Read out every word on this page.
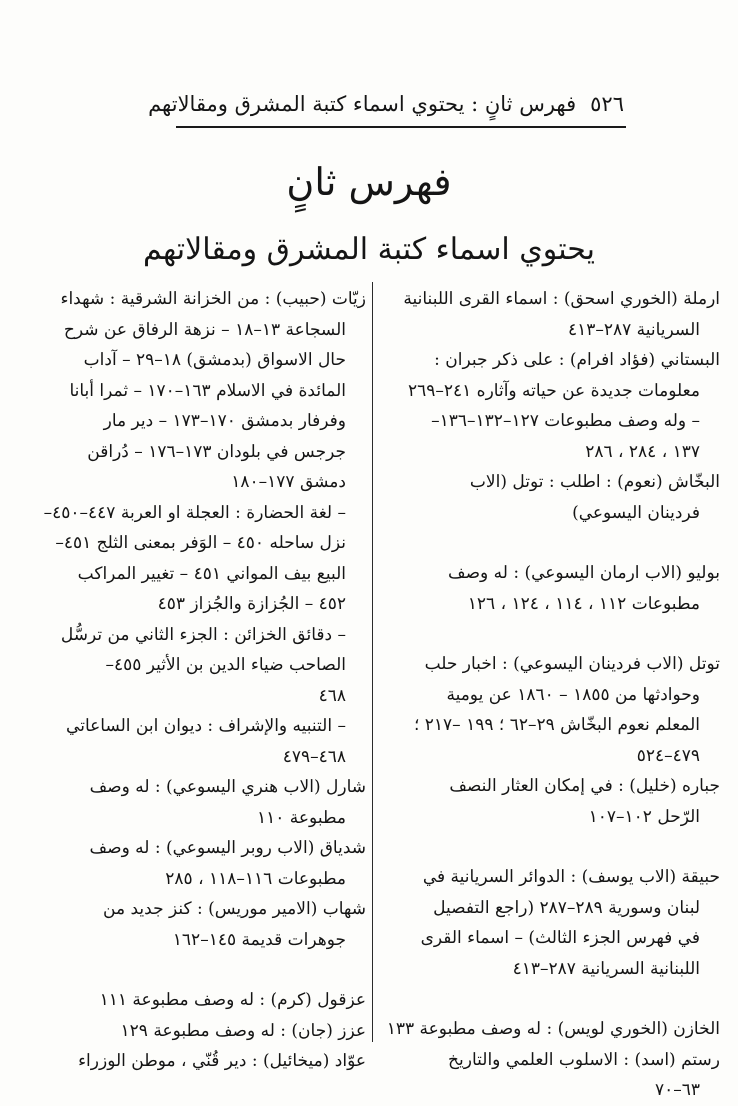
٥٢٦
فهرس ثانٍ : يحتوي اسماء كتبة المشرق ومقالاتهم
فهرس ثانٍ
يحتوي اسماء كتبة المشرق ومقالاتهم
ارملة (الخوري اسحق) : اسماء القرى اللبنانية
السريانية ٢٨٧–٤١٣
البستاني (فؤاد افرام) : على ذكر جبران :
معلومات جديدة عن حياته وآثاره ٢٤١–٢٦٩
– وله وصف مطبوعات ١٢٧–١٣٢–١٣٦–
١٣٧ ، ٢٨٤ ، ٢٨٦
البخّاش (نعوم) : اطلب : توتل (الاب
فردينان اليسوعي)
بوليو (الاب ارمان اليسوعي) : له وصف
مطبوعات ١١٢ ، ١١٤ ، ١٢٤ ، ١٢٦
توتل (الاب فردينان اليسوعي) : اخبار حلب
وحوادثها من ١٨٥٥ – ١٨٦٠ عن يومية
المعلم نعوم البخّاش ٢٩–٦٢ ؛ ١٩٩ –٢١٧ ؛
٤٧٩–٥٢٤
جباره (خليل) : في إمكان العثار النصف
الرّحل ١٠٢–١٠٧
حبيقة (الاب يوسف) : الدوائر السريانية في
لبنان وسورية ٢٨٩–٢٨٧ (راجع التفصيل
في فهرس الجزء الثالث) – اسماء القرى
اللبنانية السريانية ٢٨٧–٤١٣
الخازن (الخوري لويس) : له وصف مطبوعة ١٣٣
رستم (اسد) : الاسلوب العلمي والتاريخ
٦٣–٧٠
زيّات (حبيب) : من الخزانة الشرقية : شهداء
السجاعة ١٣–١٨ – نزهة الرفاق عن شرح
حال الاسواق (بدمشق) ١٨–٢٩ – آداب
المائدة في الاسلام ١٦٣–١٧٠ – ثمرا أبانا
وفرفار بدمشق ١٧٠–١٧٣ – دير مار
جرجس في بلودان ١٧٣–١٧٦ – دُراقن
دمشق ١٧٧–١٨٠
– لغة الحضارة : العجلة او العربة ٤٤٧–٤٥٠–
نزل ساحله ٤٥٠ – الوَفر بمعنى الثلج ٤٥١–
البيع بيف المواني ٤٥١ – تغيير المراكب
٤٥٢ – الجُزازة والجُزاز ٤٥٣
– دقائق الخزائن : الجزء الثاني من ترسُّل
الصاحب ضياء الدين بن الأثير ٤٥٥–
٤٦٨
– التنبيه والإشراف : ديوان ابن الساعاتي
٤٦٨–٤٧٩
شارل (الاب هنري اليسوعي) : له وصف
مطبوعة ١١٠
شدياق (الاب روبر اليسوعي) : له وصف
مطبوعات ١١٦–١١٨ ، ٢٨٥
شهاب (الامير موريس) : كنز جديد من
جوهرات قديمة ١٤٥–١٦٢
عزقول (كرم) : له وصف مطبوعة ١١١
عزز (جان) : له وصف مطبوعة ١٢٩
عوّاد (ميخائيل) : دير قُنّي ، موطن الوزراء
